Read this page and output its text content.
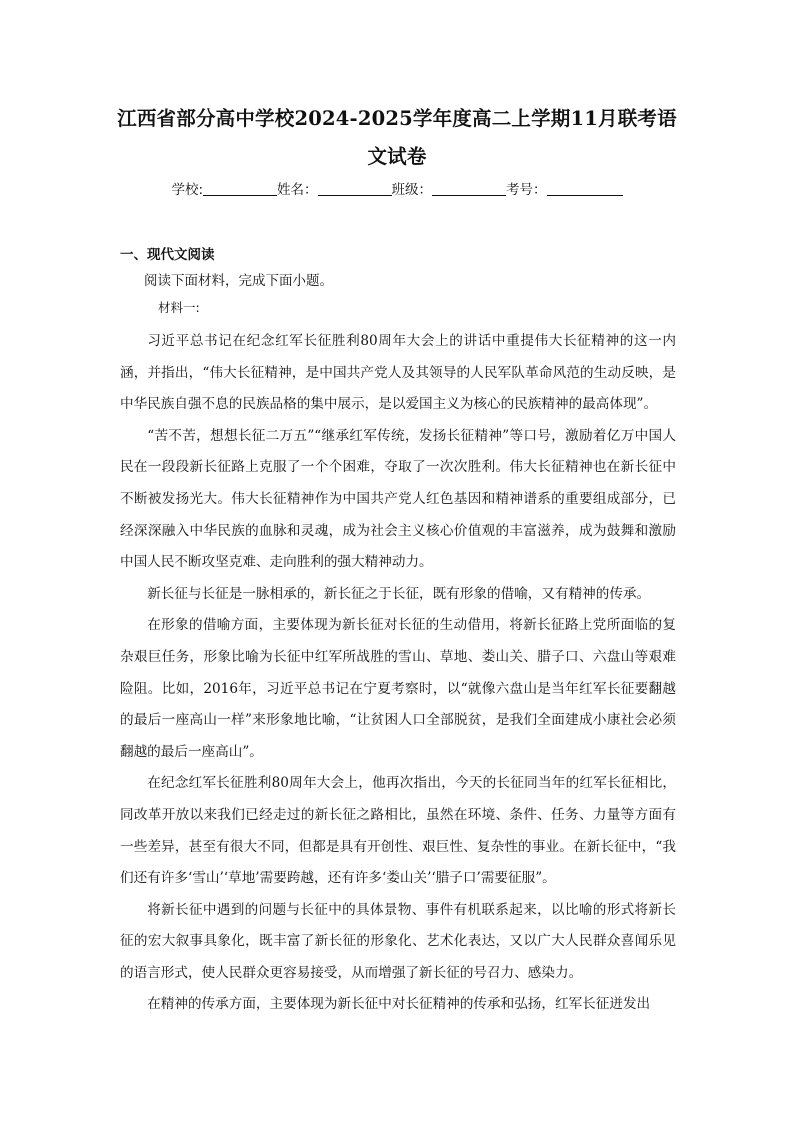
江西省部分高中学校2024-2025学年度高二上学期11月联考语文试卷
学校:	姓名：	班级：	考号：
一、现代文阅读
阅读下面材料，完成下面小题。
材料一:

习近平总书记在纪念红军长征胜利80周年大会上的讲话中重提伟大长征精神的这一内涵，并指出，“伟大长征精神，是中国共产党人及其领导的人民军队革命风范的生动反映，是中华民族自强不息的民族品格的集中展示，是以爱国主义为核心的民族精神的最高体现”。

“苦不苦，想想长征二万五”“继承红军传统，发扬长征精神”等口号，激励着亿万中国人民在一段段新长征路上克服了一个个困难，夺取了一次次胜利。伟大长征精神也在新长征中不断被发扬光大。伟大长征精神作为中国共产党人红色基因和精神谱系的重要组成部分，已经深深融入中华民族的血脉和灵魂，成为社会主义核心价值观的丰富滋养，成为鼓舞和激励中国人民不断攻坚克难、走向胜利的强大精神动力。

新长征与长征是一脉相承的，新长征之于长征，既有形象的借喻，又有精神的传承。

在形象的借喻方面，主要体现为新长征对长征的生动借用，将新长征路上党所面临的复杂艰巨任务，形象比喻为长征中红军所战胜的雪山、草地、娄山关、腊子口、六盘山等艰难险阻。比如，2016年，习近平总书记在宁夏考察时，以“就像六盘山是当年红军长征要翻越的最后一座高山一样”来形象地比喻，“让贫困人口全部脱贫，是我们全面建成小康社会必须翻越的最后一座高山”。

在纪念红军长征胜利80周年大会上，他再次指出，今天的长征同当年的红军长征相比，同改革开放以来我们已经走过的新长征之路相比，虽然在环境、条件、任务、力量等方面有一些差异，甚至有很大不同，但都是具有开创性、艰巨性、复杂性的事业。在新长征中，“我们还有许多‘雪山’‘草地’需要跨越，还有许多‘娄山关’‘腊子口’需要征服”。

将新长征中遇到的问题与长征中的具体景物、事件有机联系起来，以比喻的形式将新长征的宏大叙事具象化，既丰富了新长征的形象化、艺术化表达，又以广大人民群众喜闻乐见的语言形式，使人民群众更容易接受，从而增强了新长征的号召力、感染力。

在精神的传承方面，主要体现为新长征中对长征精神的传承和弘扬，红军长征迸发出
